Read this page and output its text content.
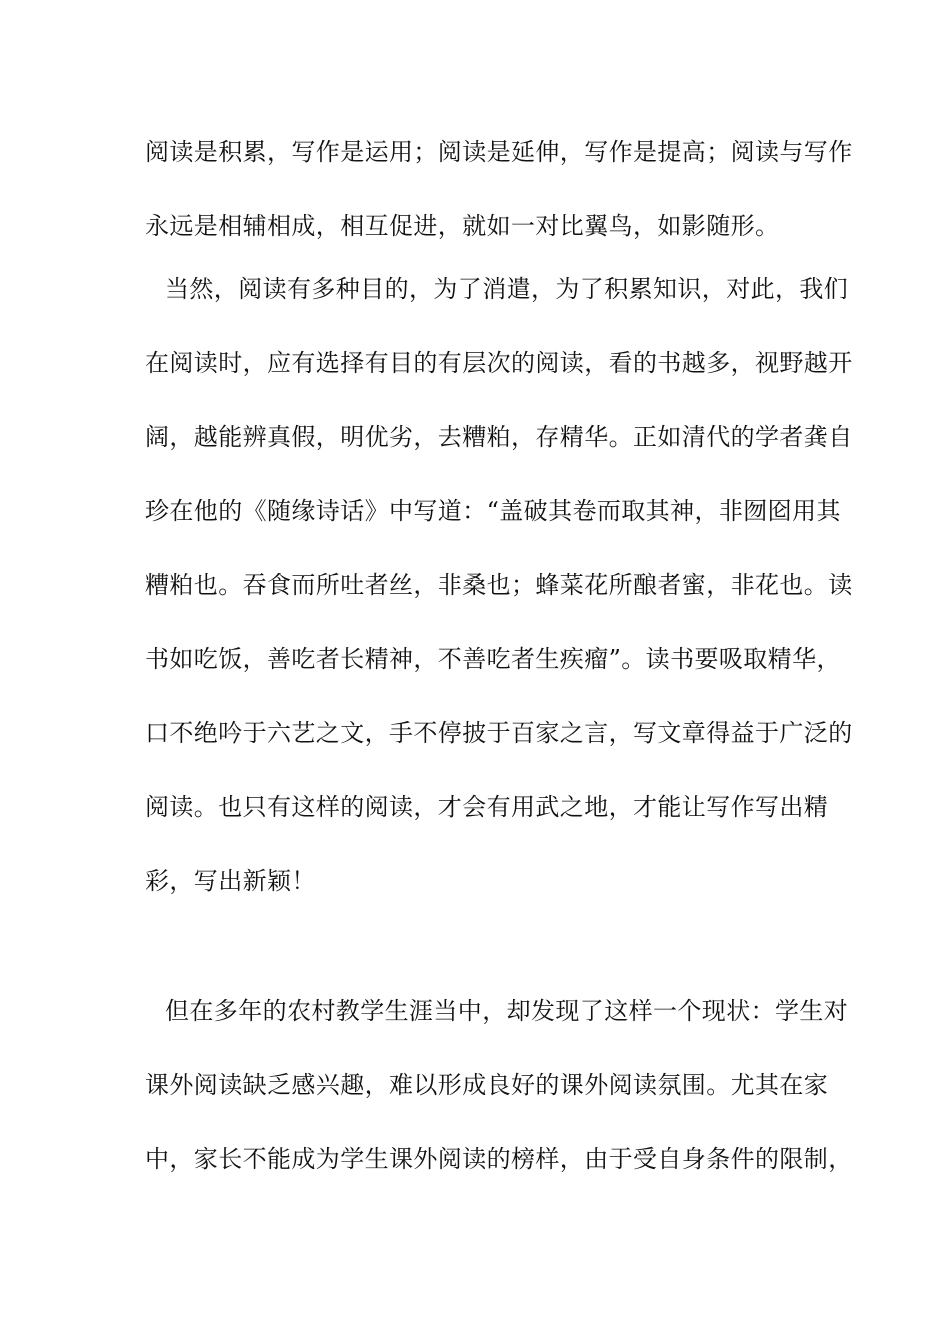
阅读是积累，写作是运用；阅读是延伸，写作是提高；阅读与写作
永远是相辅相成，相互促进，就如一对比翼鸟，如影随形。
当然，阅读有多种目的，为了消遣，为了积累知识，对此，我们
在阅读时，应有选择有目的有层次的阅读，看的书越多，视野越开
阔，越能辨真假，明优劣，去糟粕，存精华。正如清代的学者龚自
珍在他的《随缘诗话》中写道：“盖破其卷而取其神，非囫囵用其
糟粕也。吞食而所吐者丝，非桑也；蜂菜花所酿者蜜，非花也。读
书如吃饭，善吃者长精神，不善吃者生疾瘤”。读书要吸取精华，
口不绝吟于六艺之文，手不停披于百家之言，写文章得益于广泛的
阅读。也只有这样的阅读，才会有用武之地，才能让写作写出精
彩，写出新颖！
但在多年的农村教学生涯当中，却发现了这样一个现状：学生对
课外阅读缺乏感兴趣，难以形成良好的课外阅读氛围。尤其在家
中，家长不能成为学生课外阅读的榜样，由于受自身条件的限制，
